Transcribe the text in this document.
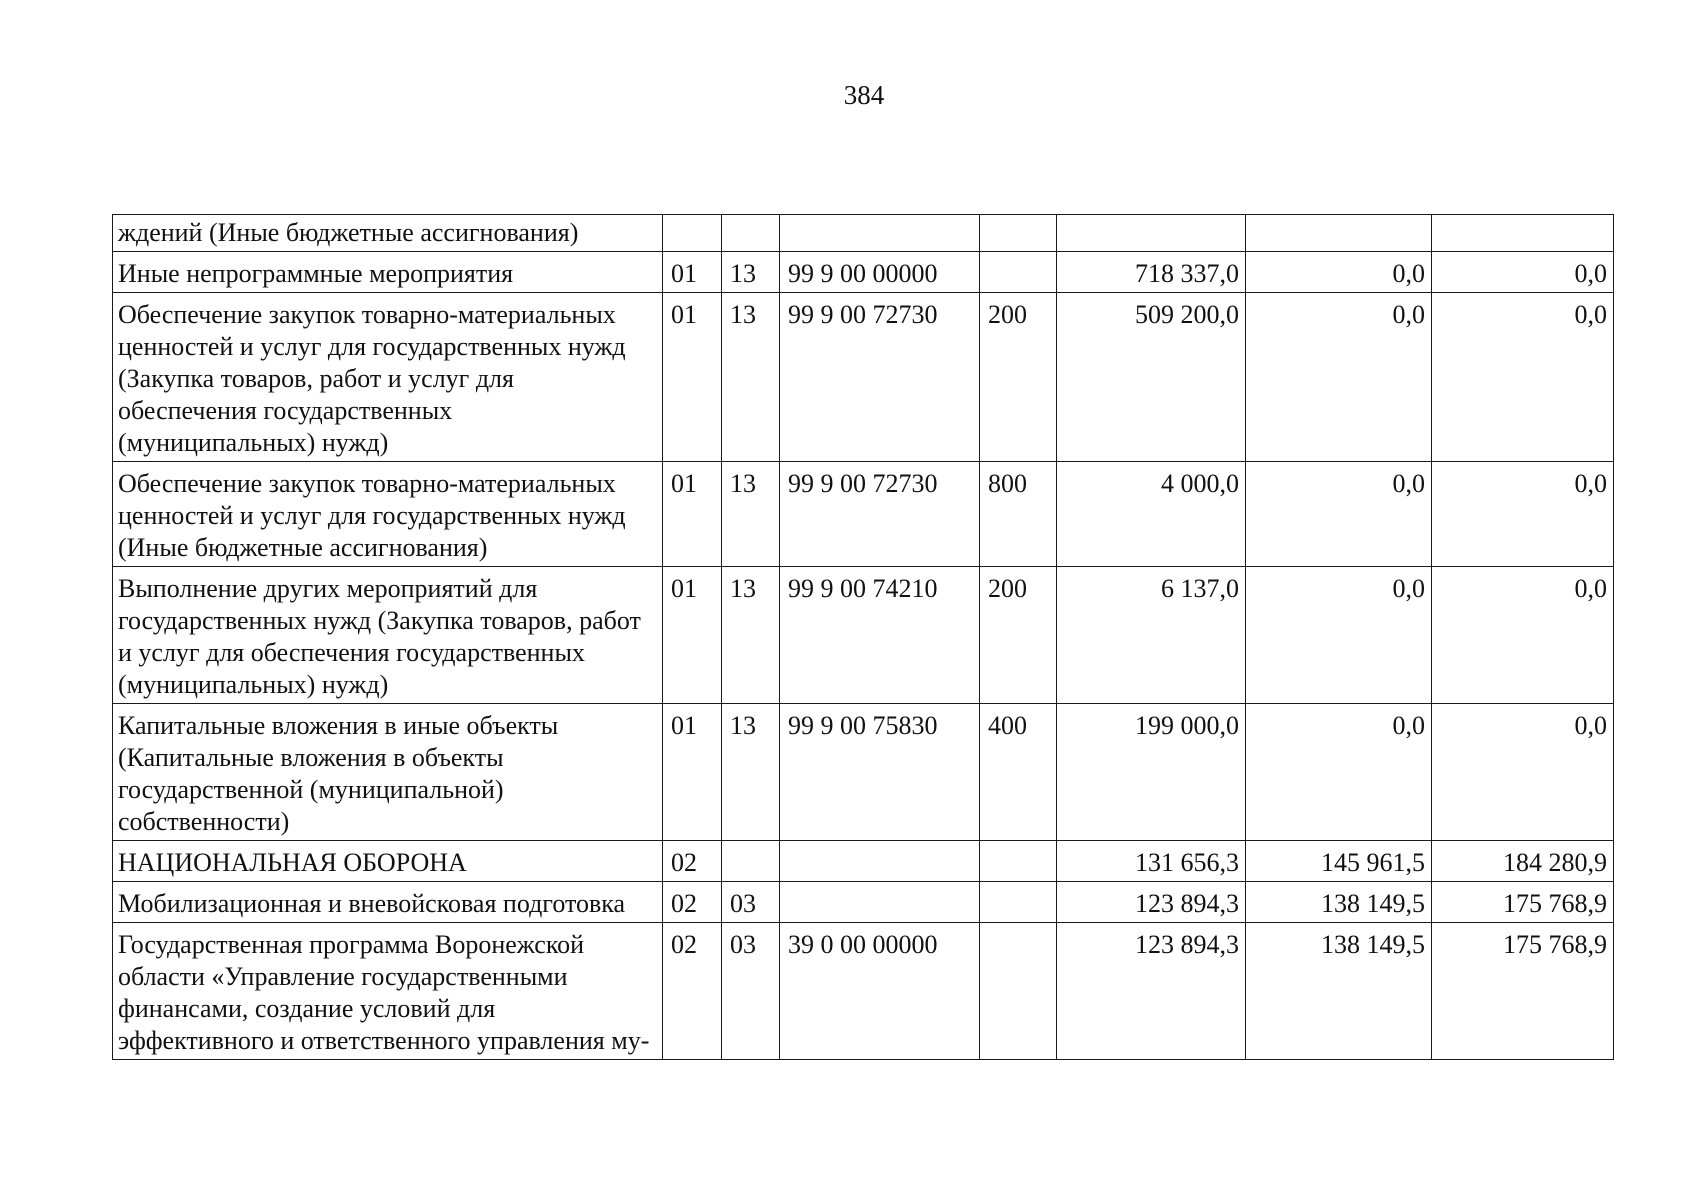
384
ждений (Иные бюджетные ассигнования)							
Иные непрограммные мероприятия	01	13	99 9 00 00000		718 337,0	0,0	0,0
Обеспечение закупок товарно-материальных ценностей и услуг для государственных нужд (Закупка товаров, работ и услуг для обеспечения государственных (муниципальных) нужд)	01	13	99 9 00 72730	200	509 200,0	0,0	0,0
Обеспечение закупок товарно-материальных ценностей и услуг для государственных нужд (Иные бюджетные ассигнования)	01	13	99 9 00 72730	800	4 000,0	0,0	0,0
Выполнение других мероприятий для государственных нужд (Закупка товаров, работ и услуг для обеспечения государственных (муниципальных) нужд)	01	13	99 9 00 74210	200	6 137,0	0,0	0,0
Капитальные вложения в иные объекты (Капитальные вложения в объекты государственной (муниципальной) собственности)	01	13	99 9 00 75830	400	199 000,0	0,0	0,0
НАЦИОНАЛЬНАЯ ОБОРОНА	02				131 656,3	145 961,5	184 280,9
Мобилизационная и вневойсковая подготовка	02	03			123 894,3	138 149,5	175 768,9
Государственная программа Воронежской области «Управление государственными финансами, создание условий для эффективного и ответственного управления му-	02	03	39 0 00 00000		123 894,3	138 149,5	175 768,9
